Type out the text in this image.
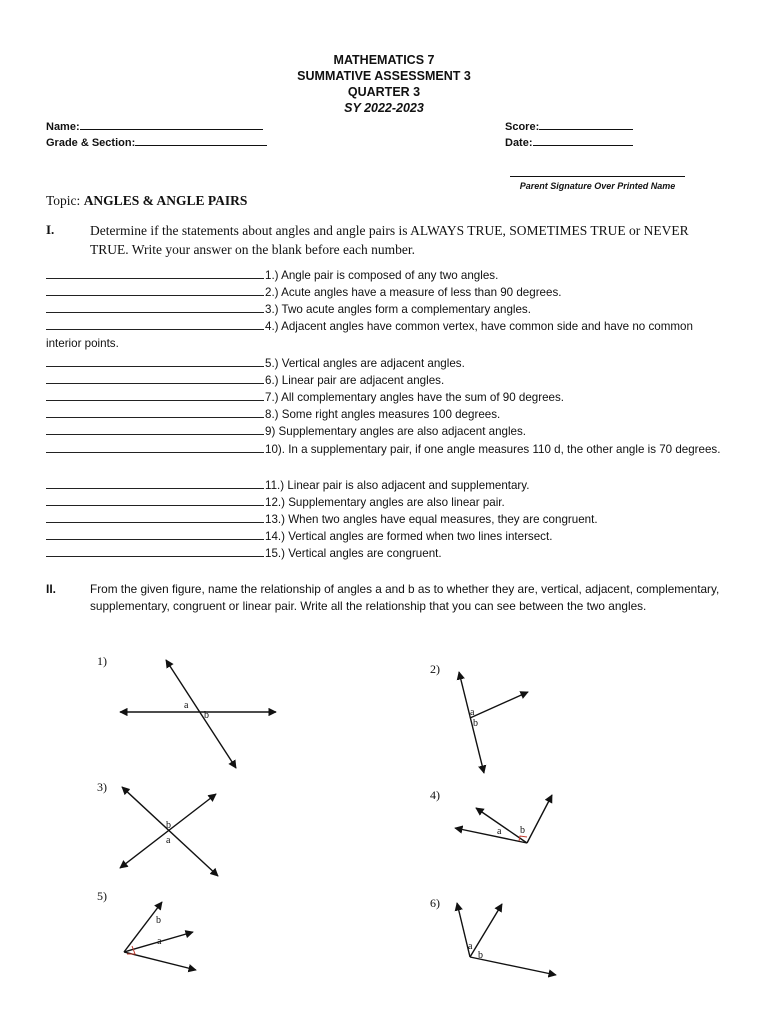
MATHEMATICS 7
SUMMATIVE ASSESSMENT 3
QUARTER 3
SY 2022-2023
Name:
Grade & Section:
Score:
Date:
Parent Signature Over Printed Name
Topic: ANGLES & ANGLE PAIRS
I.	Determine if the statements about angles and angle pairs is ALWAYS TRUE, SOMETIMES TRUE or NEVER TRUE. Write your answer on the blank before each number.
1.) Angle pair is composed of any two angles.
2.) Acute angles have a measure of less than 90 degrees.
3.) Two acute angles form a complementary angles.
4.) Adjacent angles have common vertex, have common side and have no common interior points.
5.) Vertical angles are adjacent angles.
6.) Linear pair are adjacent angles.
7.) All complementary angles have the sum of 90 degrees.
8.) Some right angles measures 100 degrees.
9) Supplementary angles are also adjacent angles.
10). In a supplementary pair, if one angle measures 110 d, the other angle is 70 degrees.
11.) Linear pair is also adjacent and supplementary.
12.) Supplementary angles are also linear pair.
13.) When two angles have equal measures, they are congruent.
14.) Vertical angles are formed when two lines intersect.
15.) Vertical angles are congruent.
II.	From the given figure, name the relationship of angles a and b as to whether they are, vertical, adjacent, complementary, supplementary, congruent or linear pair. Write all the relationship that you can see between the two angles.
1)
2)
3)
4)
5)	6)
a
b	a
b
b
a
a b
b
a	a
b
